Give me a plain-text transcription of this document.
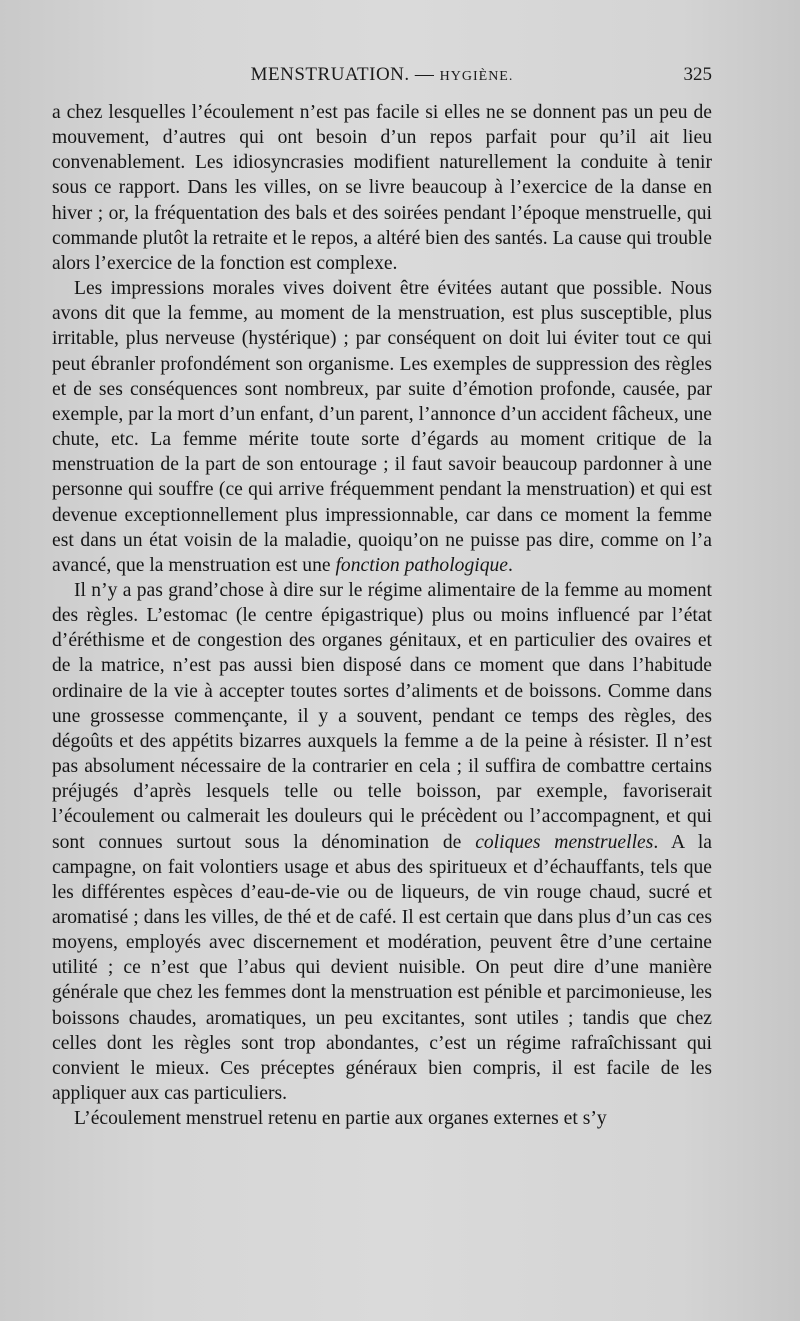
MENSTRUATION. — HYGIÈNE.	325

a chez lesquelles l’écoulement n’est pas facile si elles ne se donnent pas un peu de mouvement, d’autres qui ont besoin d’un repos parfait pour qu’il ait lieu convenablement. Les idiosyncrasies modifient naturellement la conduite à tenir sous ce rapport. Dans les villes, on se livre beaucoup à l’exercice de la danse en hiver ; or, la fréquentation des bals et des soirées pendant l’époque menstruelle, qui commande plutôt la retraite et le repos, a altéré bien des santés. La cause qui trouble alors l’exercice de la fonction est complexe.

Les impressions morales vives doivent être évitées autant que possible. Nous avons dit que la femme, au moment de la menstruation, est plus susceptible, plus irritable, plus nerveuse (hystérique) ; par conséquent on doit lui éviter tout ce qui peut ébranler profondément son organisme. Les exemples de suppression des règles et de ses conséquences sont nombreux, par suite d’émotion profonde, causée, par exemple, par la mort d’un enfant, d’un parent, l’annonce d’un accident fâcheux, une chute, etc. La femme mérite toute sorte d’égards au moment critique de la menstruation de la part de son entourage ; il faut savoir beaucoup pardonner à une personne qui souffre (ce qui arrive fréquemment pendant la menstruation) et qui est devenue exceptionnellement plus impressionnable, car dans ce moment la femme est dans un état voisin de la maladie, quoiqu’on ne puisse pas dire, comme on l’a avancé, que la menstruation est une fonction pathologique.

Il n’y a pas grand’chose à dire sur le régime alimentaire de la femme au moment des règles. L’estomac (le centre épigastrique) plus ou moins influencé par l’état d’éréthisme et de congestion des organes génitaux, et en particulier des ovaires et de la matrice, n’est pas aussi bien disposé dans ce moment que dans l’habitude ordinaire de la vie à accepter toutes sortes d’aliments et de boissons. Comme dans une grossesse commençante, il y a souvent, pendant ce temps des règles, des dégoûts et des appétits bizarres auxquels la femme a de la peine à résister. Il n’est pas absolument nécessaire de la contrarier en cela ; il suffira de combattre certains préjugés d’après lesquels telle ou telle boisson, par exemple, favoriserait l’écoulement ou calmerait les douleurs qui le précèdent ou l’accompagnent, et qui sont connues surtout sous la dénomination de coliques menstruelles. A la campagne, on fait volontiers usage et abus des spiritueux et d’échauffants, tels que les différentes espèces d’eau-de-vie ou de liqueurs, de vin rouge chaud, sucré et aromatisé ; dans les villes, de thé et de café. Il est certain que dans plus d’un cas ces moyens, employés avec discernement et modération, peuvent être d’une certaine utilité ; ce n’est que l’abus qui devient nuisible. On peut dire d’une manière générale que chez les femmes dont la menstruation est pénible et parcimonieuse, les boissons chaudes, aromatiques, un peu excitantes, sont utiles ; tandis que chez celles dont les règles sont trop abondantes, c’est un régime rafraîchissant qui convient le mieux. Ces préceptes généraux bien compris, il est facile de les appliquer aux cas particuliers.

L’écoulement menstruel retenu en partie aux organes externes et s’y
